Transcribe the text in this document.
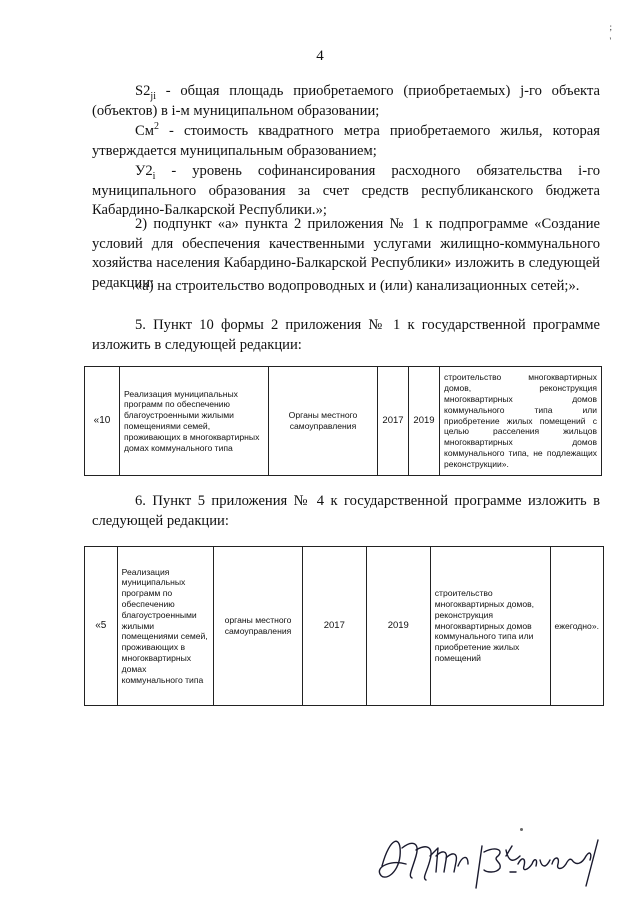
;
'
4

$S2_{ji}$ - общая площадь приобретаемого (приобретаемых) j-го объекта (объектов) в i-м муниципальном образовании;

$См^2$ - стоимость квадратного метра приобретаемого жилья, которая утверждается муниципальным образованием;

$У2_i$ - уровень софинансирования расходного обязательства i-го муниципального образования за счет средств республиканского бюджета Кабардино-Балкарской Республики.»;

2) подпункт «а» пункта 2 приложения № 1 к подпрограмме «Создание условий для обеспечения качественными услугами жилищно-коммунального хозяйства населения Кабардино-Балкарской Республики» изложить в следующей редакции:

«а) на строительство водопроводных и (или) канализационных сетей;».

5. Пункт 10 формы 2 приложения № 1 к государственной программе изложить в следующей редакции:

«10	Реализация муниципальных программ по обеспечению благоустроенными жилыми помещениями семей, проживающих в многоквартирных домах коммунального типа	Органы местного самоуправления	2017	2019	строительство многоквартирных домов, реконструкция многоквартирных домов коммунального типа или приобретение жилых помещений с целью расселения жильцов многоквартирных домов коммунального типа, не подлежащих реконструкции».

6. Пункт 5 приложения № 4 к государственной программе изложить в следующей редакции:

«5	Реализация муниципальных программ по обеспечению благоустроенными жилыми помещениями семей, проживающих в многоквартирных домах коммунального типа	органы местного самоуправления	2017	2019	строительство многоквартирных домов, реконструкция многоквартирных домов коммунального типа или приобретение жилых помещений	ежегодно».
/В. Кушпиев/
